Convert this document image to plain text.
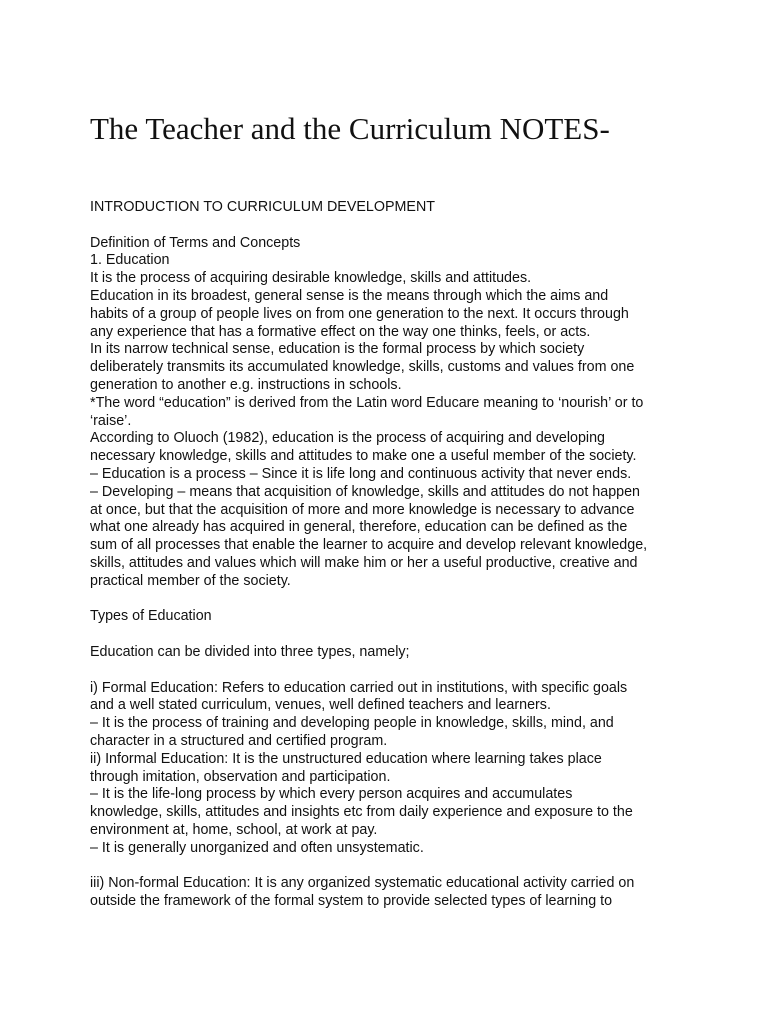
The Teacher and the Curriculum NOTES-
INTRODUCTION TO CURRICULUM DEVELOPMENT
Definition of Terms and Concepts
1. Education
It is the process of acquiring desirable knowledge, skills and attitudes.
Education in its broadest, general sense is the means through which the aims and
habits of a group of people lives on from one generation to the next. It occurs through
any experience that has a formative effect on the way one thinks, feels, or acts.
In its narrow technical sense, education is the formal process by which society
deliberately transmits its accumulated knowledge, skills, customs and values from one
generation to another e.g. instructions in schools.
*The word “education” is derived from the Latin word Educare meaning to ‘nourish’ or to
‘raise’.
According to Oluoch (1982), education is the process of acquiring and developing
necessary knowledge, skills and attitudes to make one a useful member of the society.
– Education is a process – Since it is life long and continuous activity that never ends.
– Developing – means that acquisition of knowledge, skills and attitudes do not happen
at once, but that the acquisition of more and more knowledge is necessary to advance
what one already has acquired in general, therefore, education can be defined as the
sum of all processes that enable the learner to acquire and develop relevant knowledge,
skills, attitudes and values which will make him or her a useful productive, creative and
practical member of the society.
Types of Education
Education can be divided into three types, namely;
i) Formal Education: Refers to education carried out in institutions, with specific goals
and a well stated curriculum, venues, well defined teachers and learners.
– It is the process of training and developing people in knowledge, skills, mind, and
character in a structured and certified program.
ii) Informal Education: It is the unstructured education where learning takes place
through imitation, observation and participation.
– It is the life-long process by which every person acquires and accumulates
knowledge, skills, attitudes and insights etc from daily experience and exposure to the
environment at, home, school, at work at pay.
– It is generally unorganized and often unsystematic.
iii) Non-formal Education: It is any organized systematic educational activity carried on
outside the framework of the formal system to provide selected types of learning to
